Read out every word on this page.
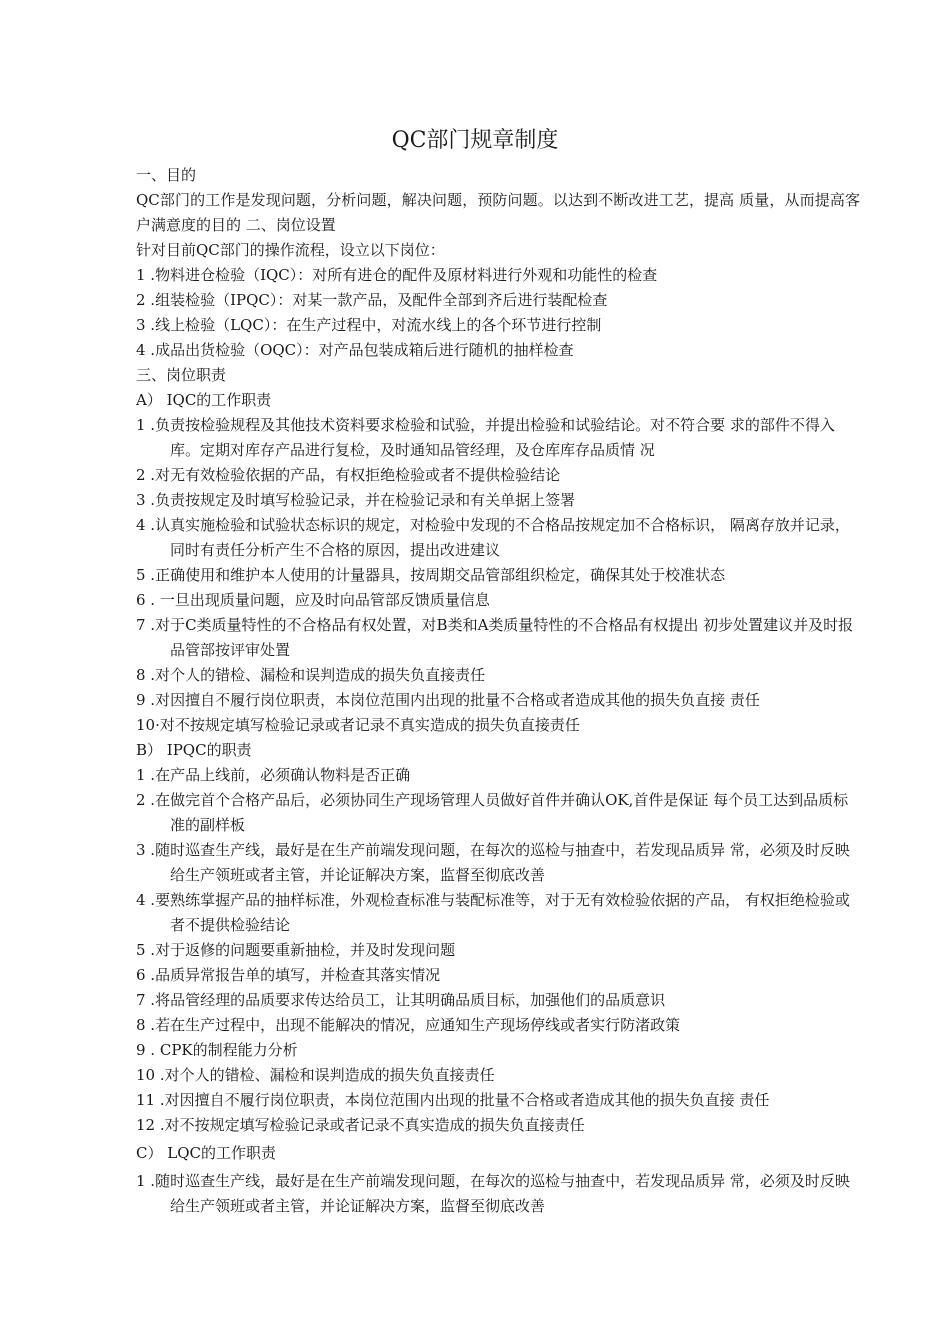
QC部门规章制度
一、目的
QC部门的工作是发现问题，分析问题，解决问题，预防问题。以达到不断改进工艺，提高 质量，从而提高客户满意度的目的 二、岗位设置
针对目前QC部门的操作流程，设立以下岗位：
1 .物料进仓检验（IQC）：对所有进仓的配件及原材料进行外观和功能性的检查
2 .组装检验（IPQC）：对某一款产品，及配件全部到齐后进行装配检查
3 .线上检验（LQC）：在生产过程中，对流水线上的各个环节进行控制
4 .成品出货检验（OQC）：对产品包装成箱后进行随机的抽样检查
三、岗位职责
A） IQC的工作职责
1 .负责按检验规程及其他技术资料要求检验和试验，并提出检验和试验结论。对不符合要 求的部件不得入库。定期对库存产品进行复检，及时通知品管经理，及仓库库存品质情 况
2 .对无有效检验依据的产品，有权拒绝检验或者不提供检验结论
3 .负责按规定及时填写检验记录，并在检验记录和有关单据上签署
4 .认真实施检验和试验状态标识的规定，对检验中发现的不合格品按规定加不合格标识， 隔离存放并记录，同时有责任分析产生不合格的原因，提出改进建议
5 .正确使用和维护本人使用的计量器具，按周期交品管部组织检定，确保其处于校准状态
6 . 一旦出现质量问题，应及时向品管部反馈质量信息
7 .对于C类质量特性的不合格品有权处置，对B类和A类质量特性的不合格品有权提出 初步处置建议并及时报品管部按评审处置
8 .对个人的错检、漏检和误判造成的损失负直接责任
9 .对因擅自不履行岗位职责，本岗位范围内出现的批量不合格或者造成其他的损失负直接 责任
10·对不按规定填写检验记录或者记录不真实造成的损失负直接责任
B） IPQC的职责
1 .在产品上线前，必须确认物料是否正确
2 .在做完首个合格产品后，必须协同生产现场管理人员做好首件并确认OK,首件是保证 每个员工达到品质标准的副样板
3 .随时巡查生产线，最好是在生产前端发现问题，在每次的巡检与抽查中，若发现品质异 常，必须及时反映给生产领班或者主管，并论证解决方案，监督至彻底改善
4 .要熟练掌握产品的抽样标准，外观检查标准与装配标准等，对于无有效检验依据的产品， 有权拒绝检验或者不提供检验结论
5 .对于返修的问题要重新抽检，并及时发现问题
6 .品质异常报告单的填写，并检查其落实情况
7 .将品管经理的品质要求传达给员工，让其明确品质目标，加强他们的品质意识
8 .若在生产过程中，出现不能解决的情况，应通知生产现场停线或者实行防渚政策
9 . CPK的制程能力分析
10 .对个人的错检、漏检和误判造成的损失负直接责任
11 .对因擅自不履行岗位职责，本岗位范围内出现的批量不合格或者造成其他的损失负直接 责任
12 .对不按规定填写检验记录或者记录不真实造成的损失负直接责任
C） LQC的工作职责
1 .随时巡查生产线，最好是在生产前端发现问题，在每次的巡检与抽查中，若发现品质异 常，必须及时反映给生产领班或者主管，并论证解决方案，监督至彻底改善
